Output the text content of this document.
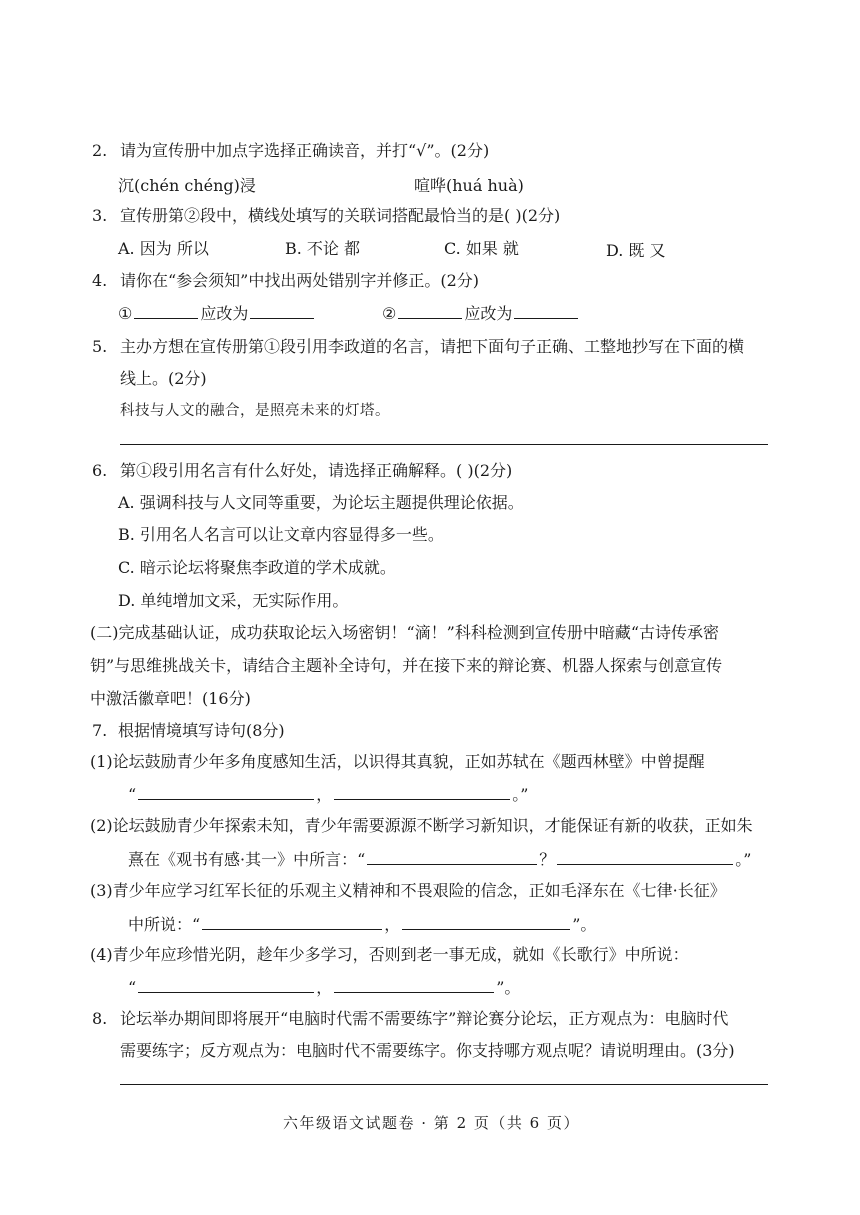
2. 请为宣传册中加点字选择正确读音，并打“√”。(2分)
沉(chén chéng)浸	喧哗(huá huà)
3. 宣传册第②段中，横线处填写的关联词搭配最恰当的是( )(2分)
A. 因为 所以	B. 不论 都	C. 如果 就	D. 既 又
4. 请你在“参会须知”中找出两处错别字并修正。(2分)
①	应改为	②	应改为
5. 主办方想在宣传册第①段引用李政道的名言，请把下面句子正确、工整地抄写在下面的横
线上。(2分)
科技与人文的融合，是照亮未来的灯塔。
6. 第①段引用名言有什么好处，请选择正确解释。( )(2分)
A. 强调科技与人文同等重要，为论坛主题提供理论依据。
B. 引用名人名言可以让文章内容显得多一些。
C. 暗示论坛将聚焦李政道的学术成就。
D. 单纯增加文采，无实际作用。
(二)完成基础认证，成功获取论坛入场密钥！“滴！”科科检测到宣传册中暗藏“古诗传承密
钥”与思维挑战关卡，请结合主题补全诗句，并在接下来的辩论赛、机器人探索与创意宣传
中激活徽章吧！(16分)
7. 根据情境填写诗句(8分)
(1)论坛鼓励青少年多角度感知生活，以识得其真貌，正如苏轼在《题西林壁》中曾提醒
“	，	。”
(2)论坛鼓励青少年探索未知，青少年需要源源不断学习新知识，才能保证有新的收获，正如朱
熹在《观书有感·其一》中所言：“	？	。”
(3)青少年应学习红军长征的乐观主义精神和不畏艰险的信念，正如毛泽东在《七律·长征》
中所说：“	，	”。
(4)青少年应珍惜光阴，趁年少多学习，否则到老一事无成，就如《长歌行》中所说：
“	，	”。
8. 论坛举办期间即将展开“电脑时代需不需要练字”辩论赛分论坛，正方观点为：电脑时代
需要练字；反方观点为：电脑时代不需要练字。你支持哪方观点呢？请说明理由。(3分)
六年级语文试题卷 · 第 2 页（共 6 页）
